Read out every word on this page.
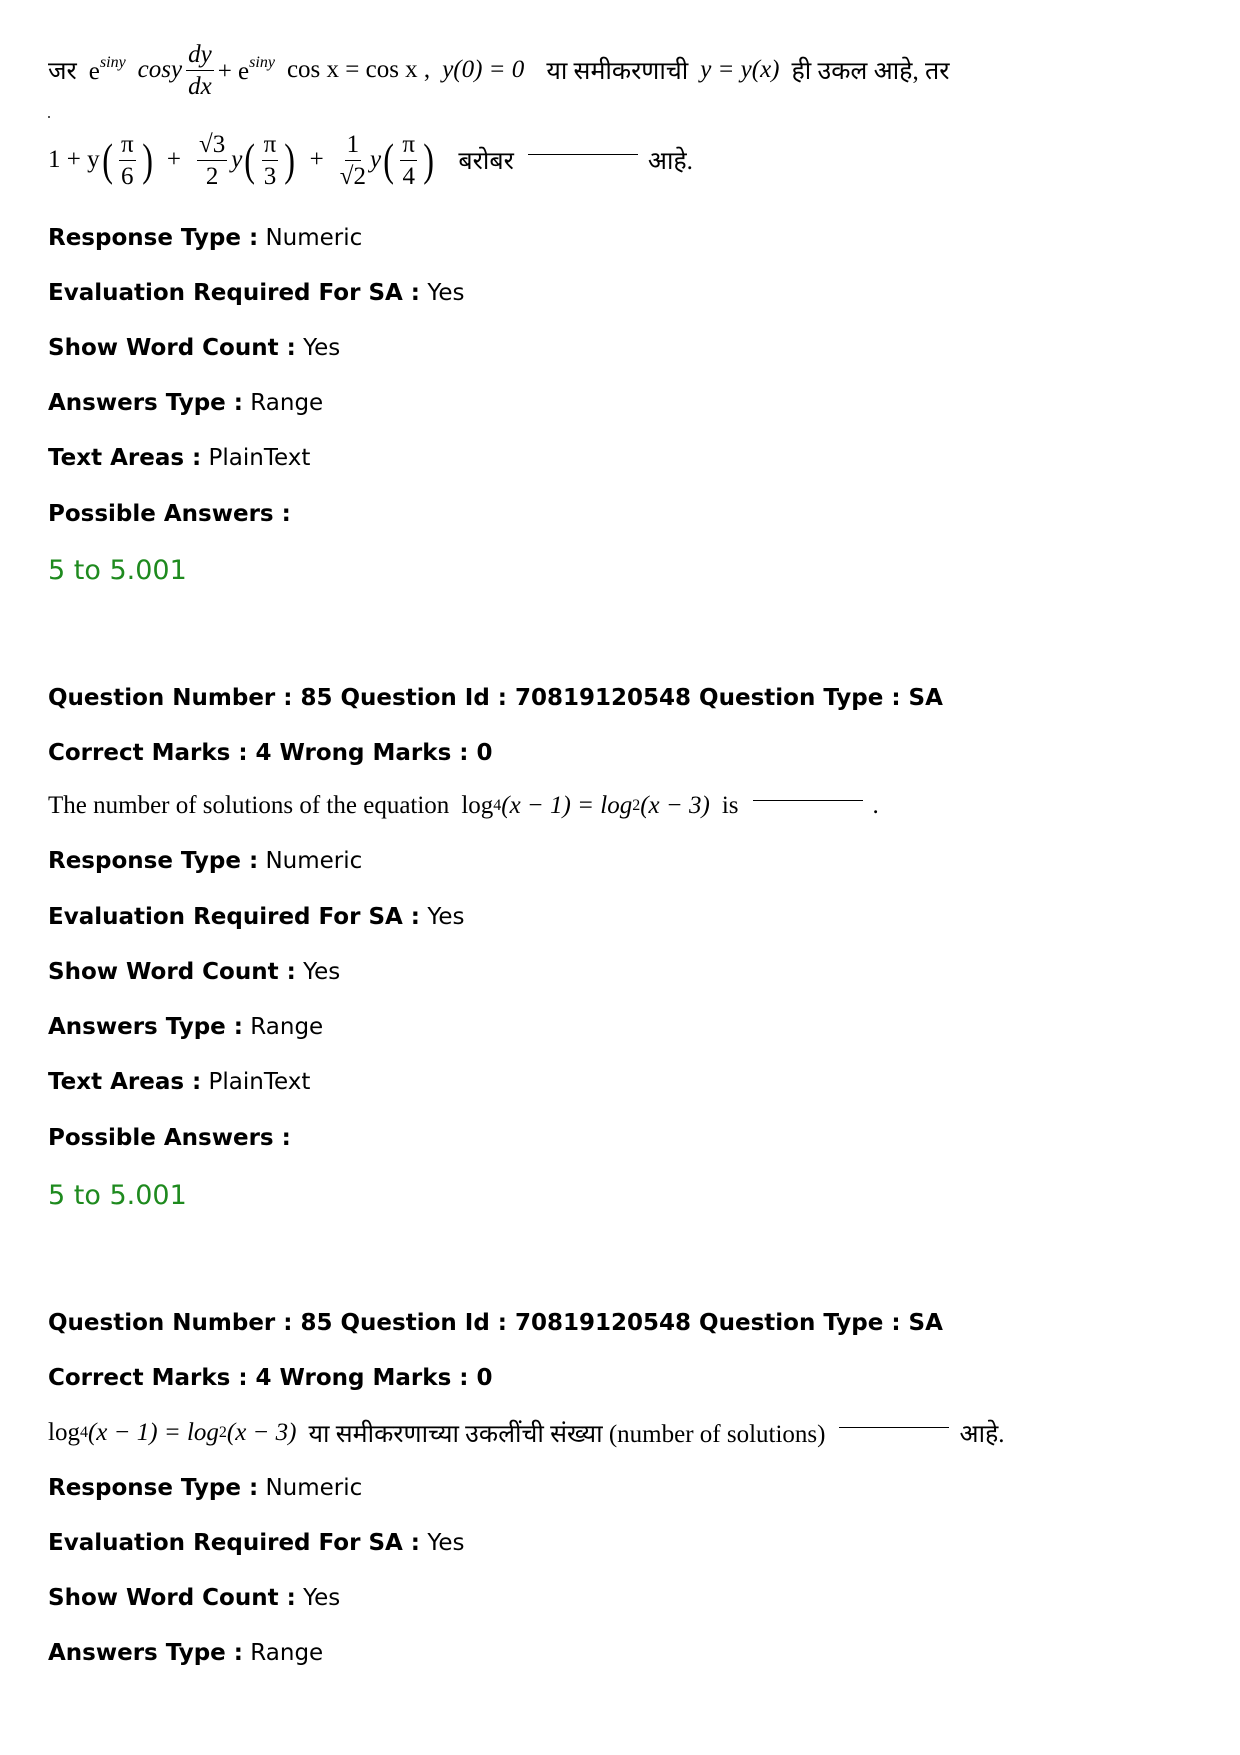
जर $e^{siny}$ cosy $\frac{dy}{dx} + e^{siny}$ cos x = cos x , y(0) = 0 या समीकरणाची y = y(x) ही उकल आहे, तर
1 + y ( $\frac{\pi}{6}$ ) + $\frac{√3}{2}$ y ( $\frac{\pi}{3}$ ) + $\frac{1}{√2}$ y ( $\frac{\pi}{4}$ ) बरोबर	आहे.
Response Type : Numeric
Evaluation Required For SA : Yes
Show Word Count : Yes
Answers Type : Range
Text Areas : PlainText
Possible Answers :
5 to 5.001
Question Number : 85 Question Id : 70819120548 Question Type : SA
Correct Marks : 4 Wrong Marks : 0
The number of solutions of the equation log 4 (x − 1) = log 2 (x − 3) is	.
Response Type : Numeric
Evaluation Required For SA : Yes
Show Word Count : Yes
Answers Type : Range
Text Areas : PlainText
Possible Answers :
5 to 5.001
Question Number : 85 Question Id : 70819120548 Question Type : SA
Correct Marks : 4 Wrong Marks : 0
log 4 (x − 1) = log 2 (x − 3) या समीकरणाच्या उकलींची संख्या (number of solutions)	आहे.
Response Type : Numeric
Evaluation Required For SA : Yes
Show Word Count : Yes
Answers Type : Range
